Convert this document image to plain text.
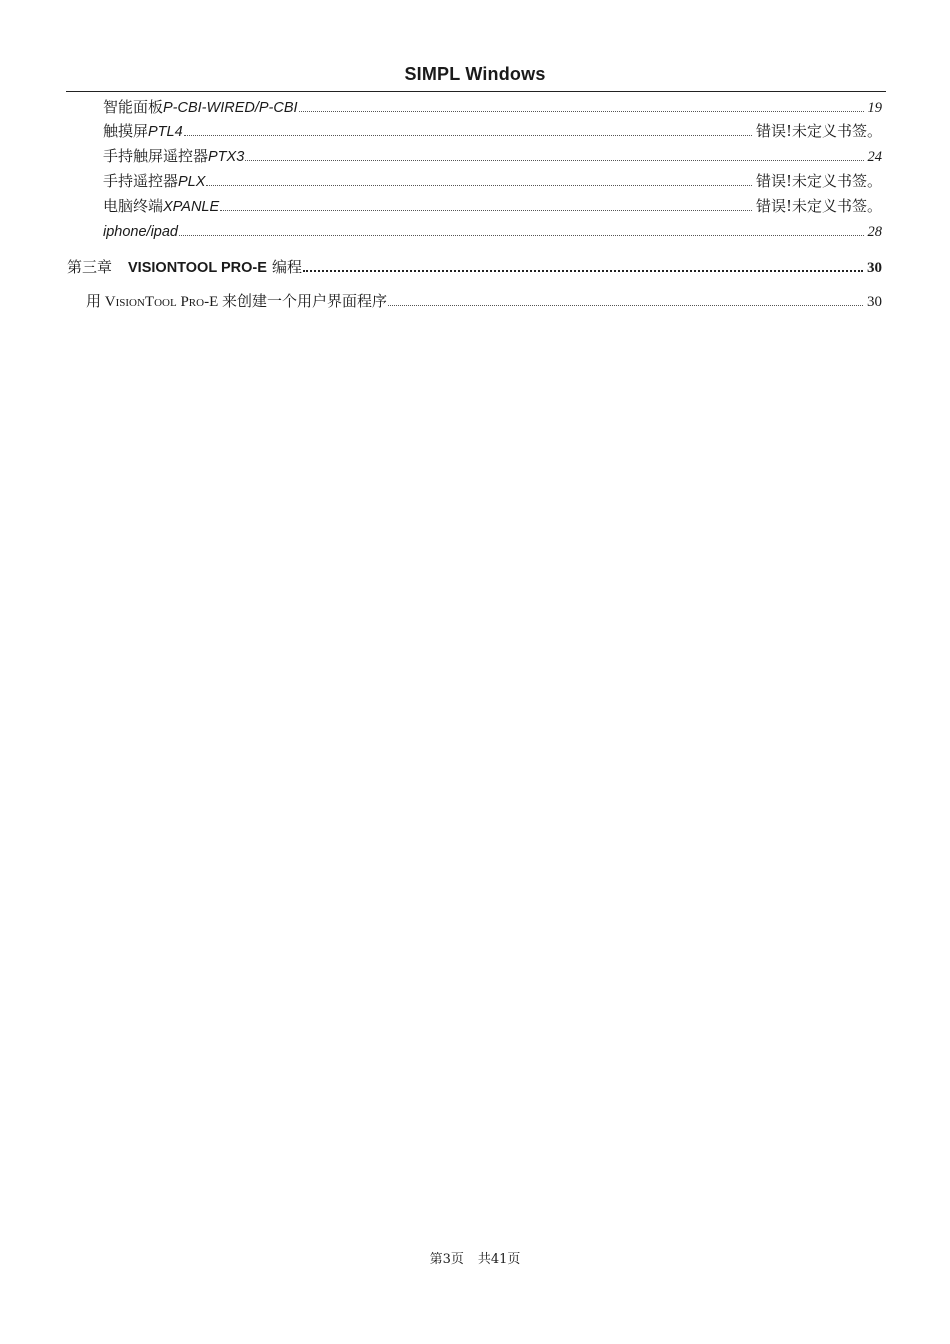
SIMPL Windows
智能面板P-CBI-WIRED/P-CBI	19
触摸屏PTL4	错误!未定义书签。
手持触屏遥控器PTX3	24
手持遥控器PLX	错误!未定义书签。
电脑终端XPANLE	错误!未定义书签。
iphone/ipad	28
第三章 VISIONTOOL PRO-E 编程	30
用 VisionTool Pro-E 来创建一个用户界面程序	30
第3页 共41页
